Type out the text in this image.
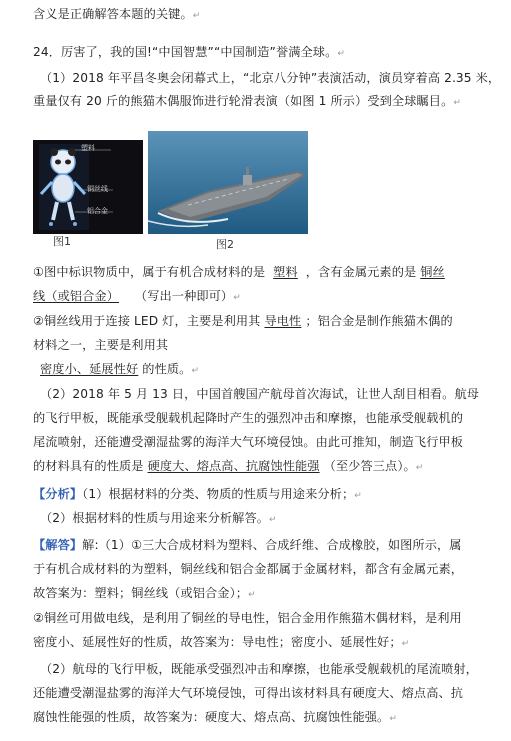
含义是正确解答本题的关键。↵
24．厉害了，我的国!“中国智慧”“中国制造”誉满全球。↵
（1）2018 年平昌冬奥会闭幕式上，“北京八分钟”表演活动，演员穿着高 2.35 米，
重量仅有 20 斤的熊猫木偶服饰进行轮滑表演（如图 1 所示）受到全球瞩目。↵
塑料
铜丝线
铝合金
图1	图2
①图中标识物质中，属于有机合成材料的是 塑料 ，含有金属元素的是 铜丝
线（或铝合金） （写出一种即可）↵
②铜丝线用于连接 LED 灯，主要是利用其 导电性 ；铝合金是制作熊猫木偶的
材料之一，主要是利用其
密度小、延展性好 的性质。↵
（2）2018 年 5 月 13 日，中国首艘国产航母首次海试，让世人刮目相看。航母
的飞行甲板，既能承受舰载机起降时产生的强烈冲击和摩擦，也能承受舰载机的
尾流喷射，还能遭受潮湿盐雾的海洋大气环境侵蚀。由此可推知，制造飞行甲板
的材料具有的性质是 硬度大、熔点高、抗腐蚀性能强 （至少答三点）。↵
【分析】（1）根据材料的分类、物质的性质与用途来分析；↵
（2）根据材料的性质与用途来分析解答。↵
【解答】解:（1）①三大合成材料为塑料、合成纤维、合成橡胶，如图所示，属
于有机合成材料的为塑料，铜丝线和铝合金都属于金属材料，都含有金属元素，
故答案为：塑料；铜丝线（或铝合金）；↵
②铜丝可用做电线，是利用了铜丝的导电性，铝合金用作熊猫木偶材料，是利用
密度小、延展性好的性质，故答案为：导电性；密度小、延展性好；↵
（2）航母的飞行甲板，既能承受强烈冲击和摩擦，也能承受舰载机的尾流喷射，
还能遭受潮湿盐雾的海洋大气环境侵蚀，可得出该材料具有硬度大、熔点高、抗
腐蚀性能强的性质，故答案为：硬度大、熔点高、抗腐蚀性能强。↵
